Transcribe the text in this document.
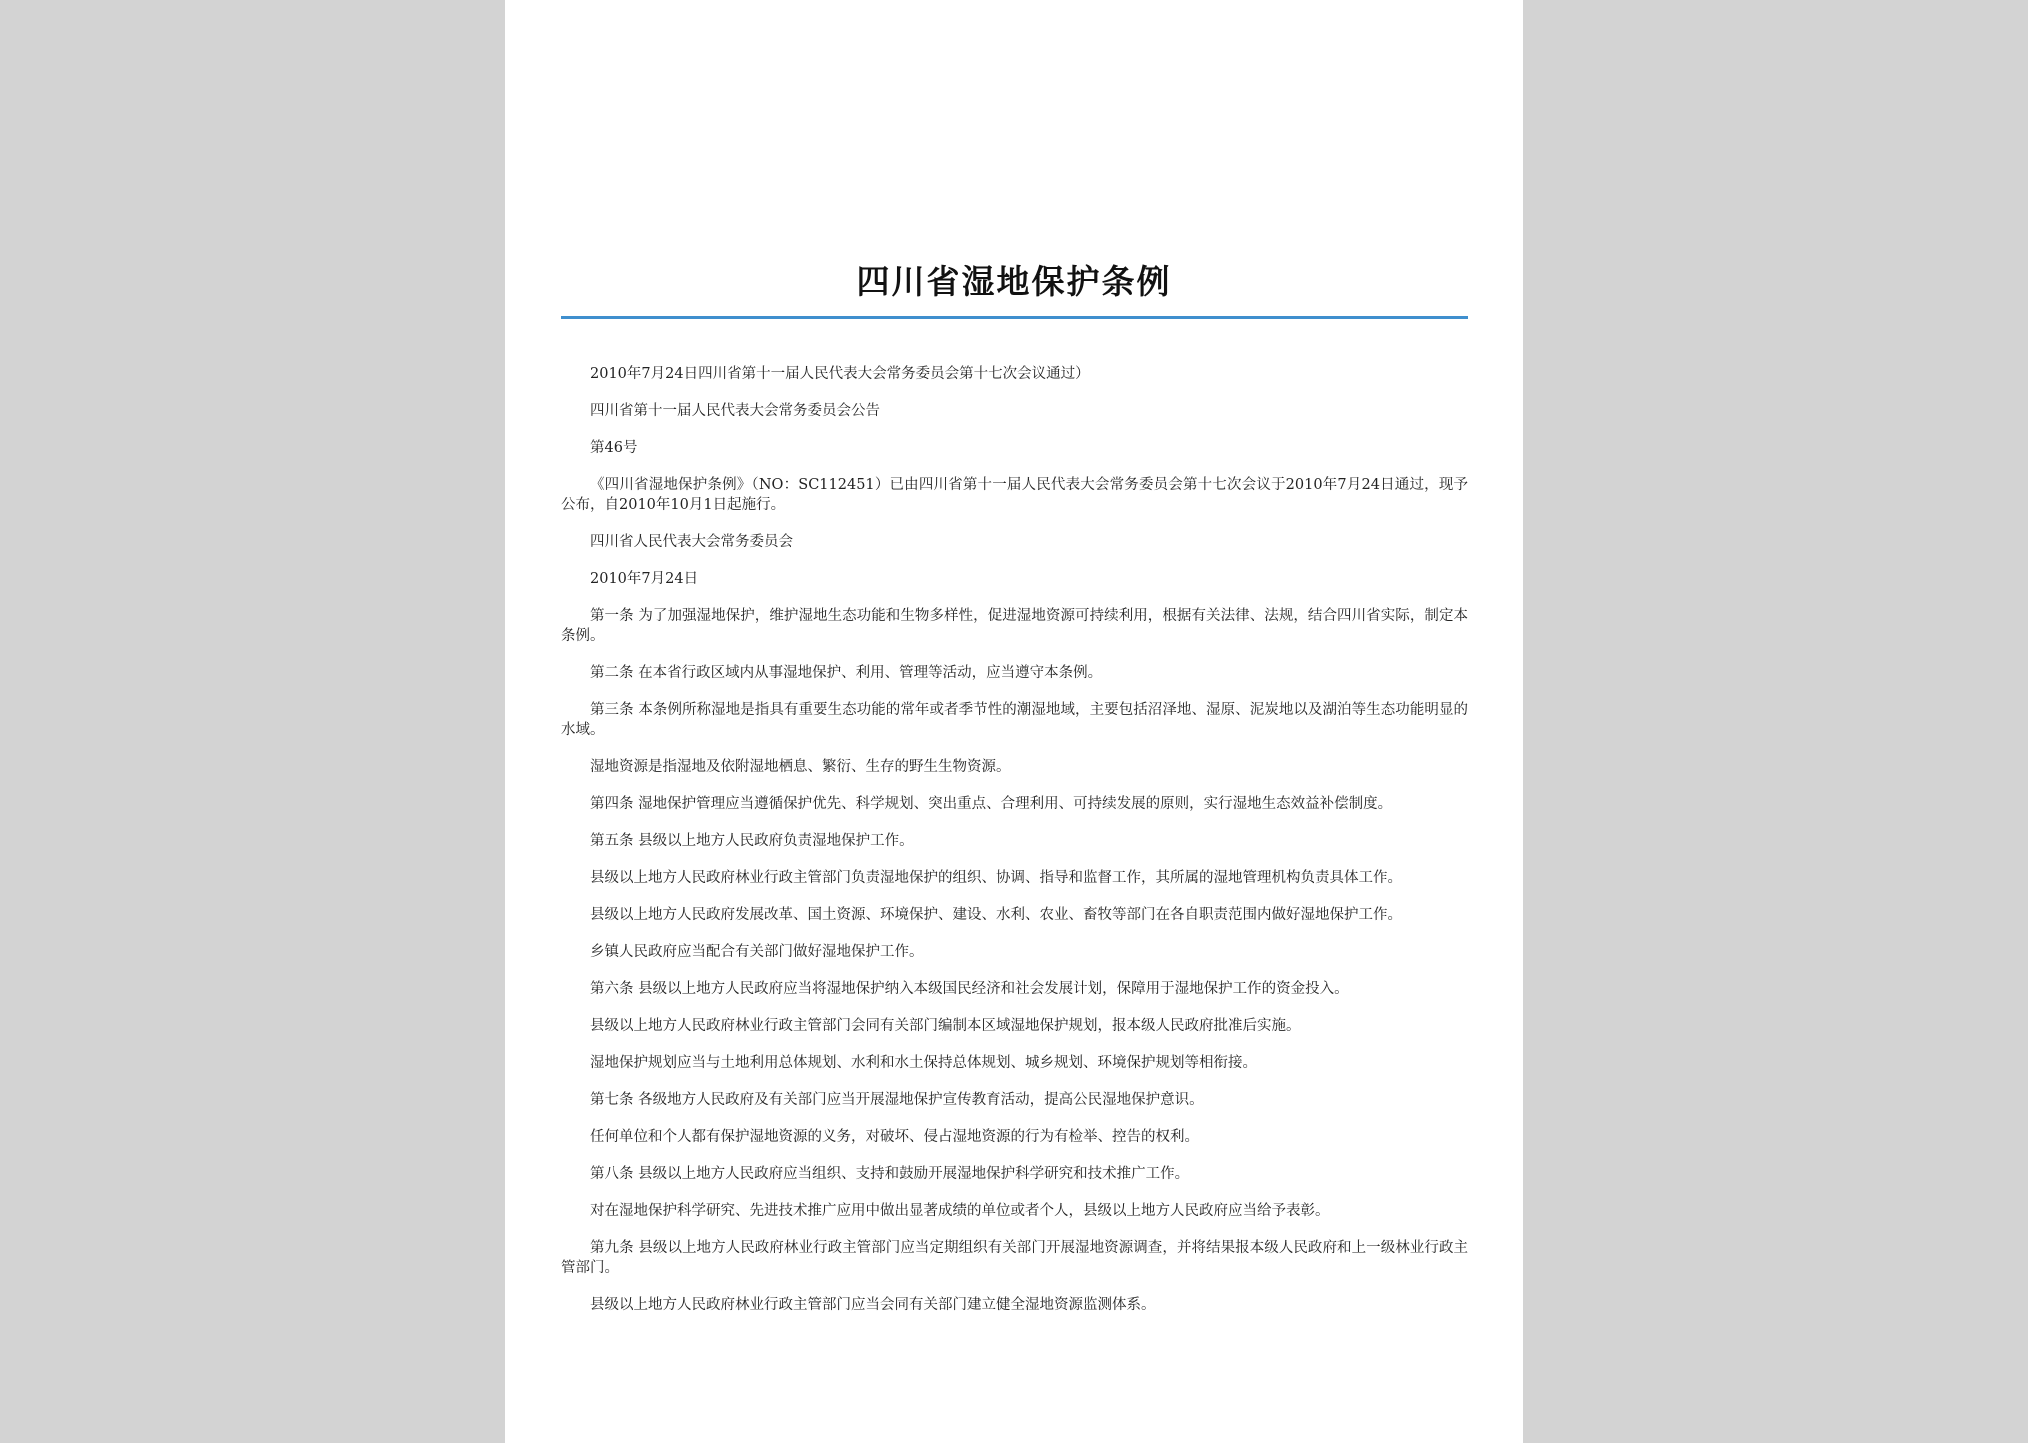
四川省湿地保护条例

2010年7月24日四川省第十一届人民代表大会常务委员会第十七次会议通过）

四川省第十一届人民代表大会常务委员会公告

第46号

《四川省湿地保护条例》（NO：SC112451）已由四川省第十一届人民代表大会常务委员会第十七次会议于2010年7月24日通过，现予公布，自2010年10月1日起施行。

四川省人民代表大会常务委员会

2010年7月24日

第一条 为了加强湿地保护，维护湿地生态功能和生物多样性，促进湿地资源可持续利用，根据有关法律、法规，结合四川省实际，制定本条例。

第二条 在本省行政区域内从事湿地保护、利用、管理等活动，应当遵守本条例。

第三条 本条例所称湿地是指具有重要生态功能的常年或者季节性的潮湿地域，主要包括沼泽地、湿原、泥炭地以及湖泊等生态功能明显的水域。

湿地资源是指湿地及依附湿地栖息、繁衍、生存的野生生物资源。

第四条 湿地保护管理应当遵循保护优先、科学规划、突出重点、合理利用、可持续发展的原则，实行湿地生态效益补偿制度。

第五条 县级以上地方人民政府负责湿地保护工作。

县级以上地方人民政府林业行政主管部门负责湿地保护的组织、协调、指导和监督工作，其所属的湿地管理机构负责具体工作。

县级以上地方人民政府发展改革、国土资源、环境保护、建设、水利、农业、畜牧等部门在各自职责范围内做好湿地保护工作。

乡镇人民政府应当配合有关部门做好湿地保护工作。

第六条 县级以上地方人民政府应当将湿地保护纳入本级国民经济和社会发展计划，保障用于湿地保护工作的资金投入。

县级以上地方人民政府林业行政主管部门会同有关部门编制本区域湿地保护规划，报本级人民政府批准后实施。

湿地保护规划应当与土地利用总体规划、水利和水土保持总体规划、城乡规划、环境保护规划等相衔接。

第七条 各级地方人民政府及有关部门应当开展湿地保护宣传教育活动，提高公民湿地保护意识。

任何单位和个人都有保护湿地资源的义务，对破坏、侵占湿地资源的行为有检举、控告的权利。

第八条 县级以上地方人民政府应当组织、支持和鼓励开展湿地保护科学研究和技术推广工作。

对在湿地保护科学研究、先进技术推广应用中做出显著成绩的单位或者个人，县级以上地方人民政府应当给予表彰。

第九条 县级以上地方人民政府林业行政主管部门应当定期组织有关部门开展湿地资源调查，并将结果报本级人民政府和上一级林业行政主管部门。

县级以上地方人民政府林业行政主管部门应当会同有关部门建立健全湿地资源监测体系。
